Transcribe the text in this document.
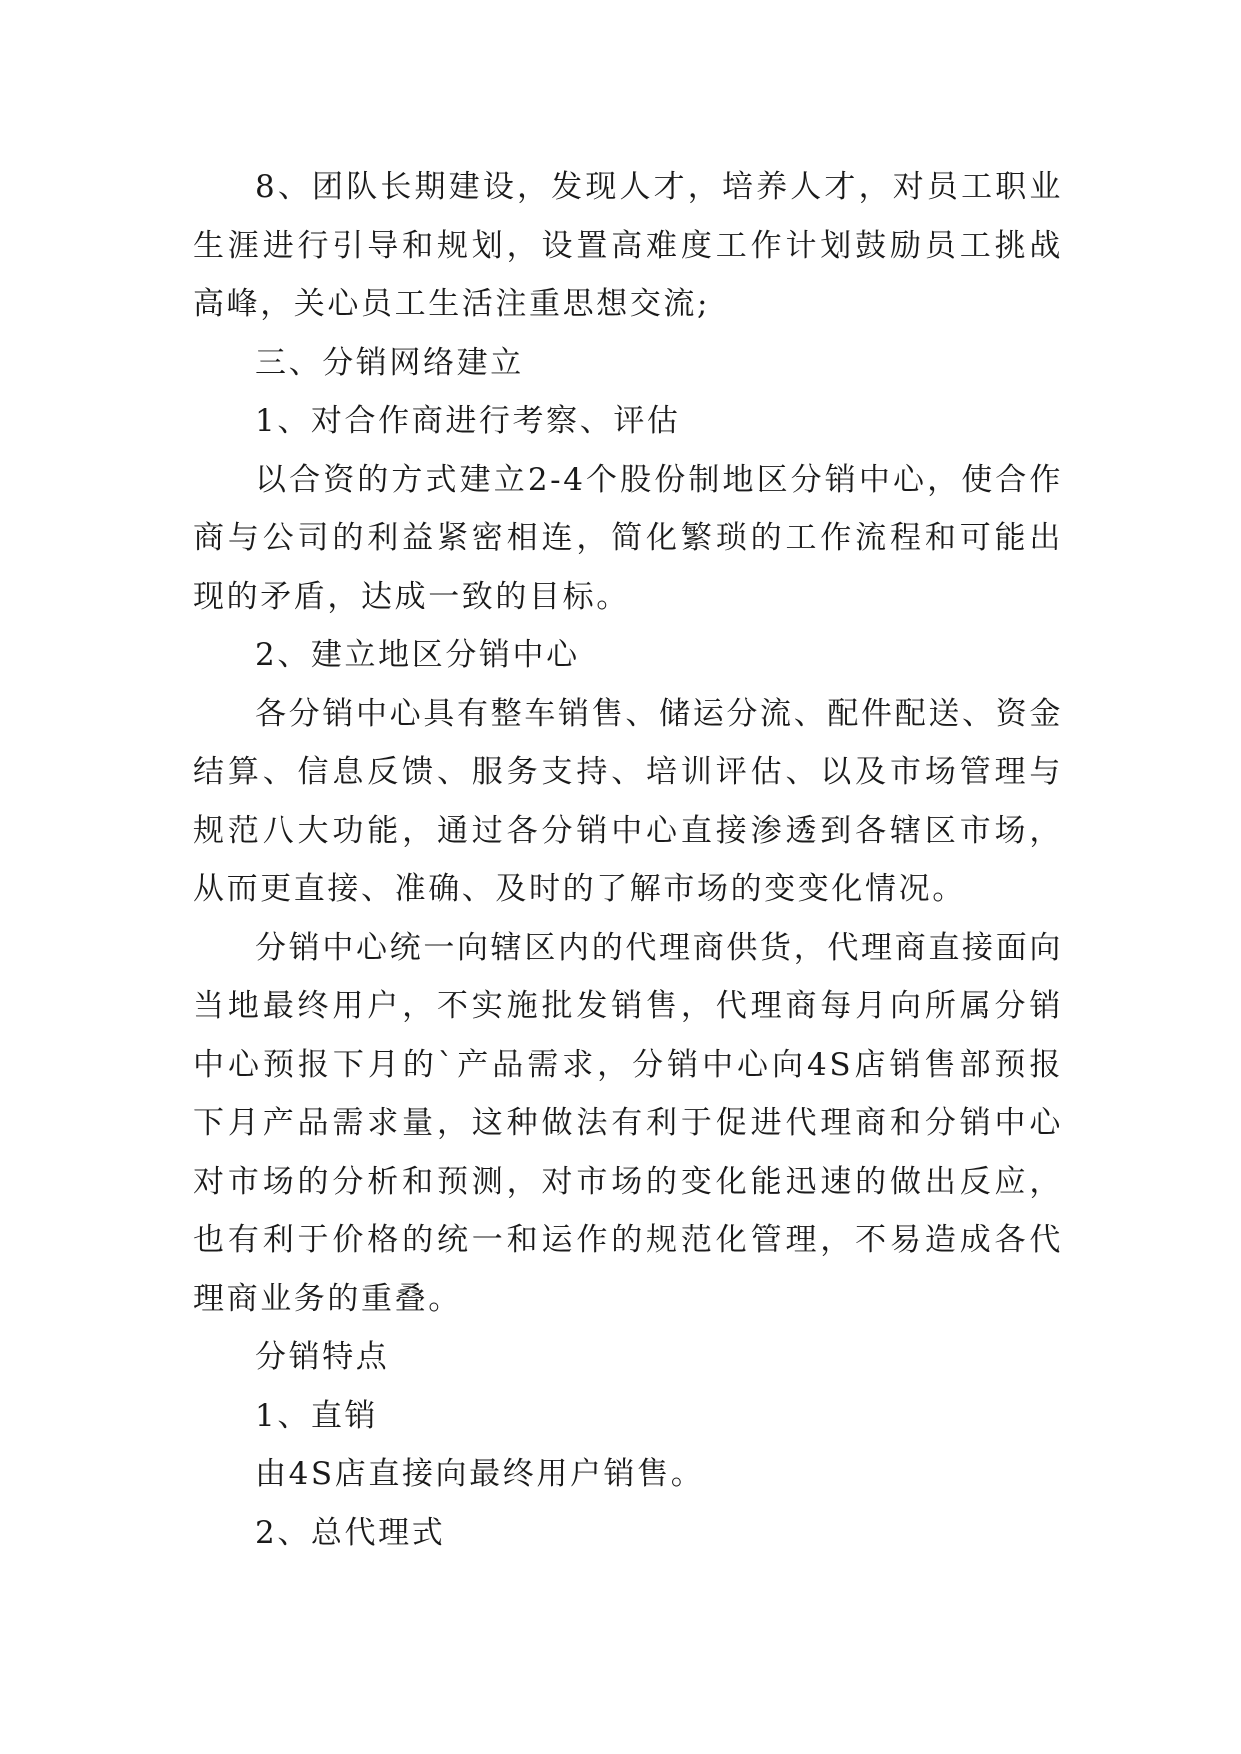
8、团队长期建设，发现人才，培养人才，对员工职业生涯进行引导和规划，设置高难度工作计划鼓励员工挑战高峰，关心员工生活注重思想交流;

三、分销网络建立

1、对合作商进行考察、评估

以合资的方式建立2-4个股份制地区分销中心，使合作商与公司的利益紧密相连，简化繁琐的工作流程和可能出现的矛盾，达成一致的目标。

2、建立地区分销中心

各分销中心具有整车销售、储运分流、配件配送、资金结算、信息反馈、服务支持、培训评估、以及市场管理与规范八大功能，通过各分销中心直接渗透到各辖区市场，从而更直接、准确、及时的了解市场的变变化情况。

分销中心统一向辖区内的代理商供货，代理商直接面向当地最终用户，不实施批发销售，代理商每月向所属分销中心预报下月的`产品需求，分销中心向4S店销售部预报下月产品需求量，这种做法有利于促进代理商和分销中心对市场的分析和预测，对市场的变化能迅速的做出反应，也有利于价格的统一和运作的规范化管理，不易造成各代理商业务的重叠。

分销特点

1、直销

由4S店直接向最终用户销售。

2、总代理式
